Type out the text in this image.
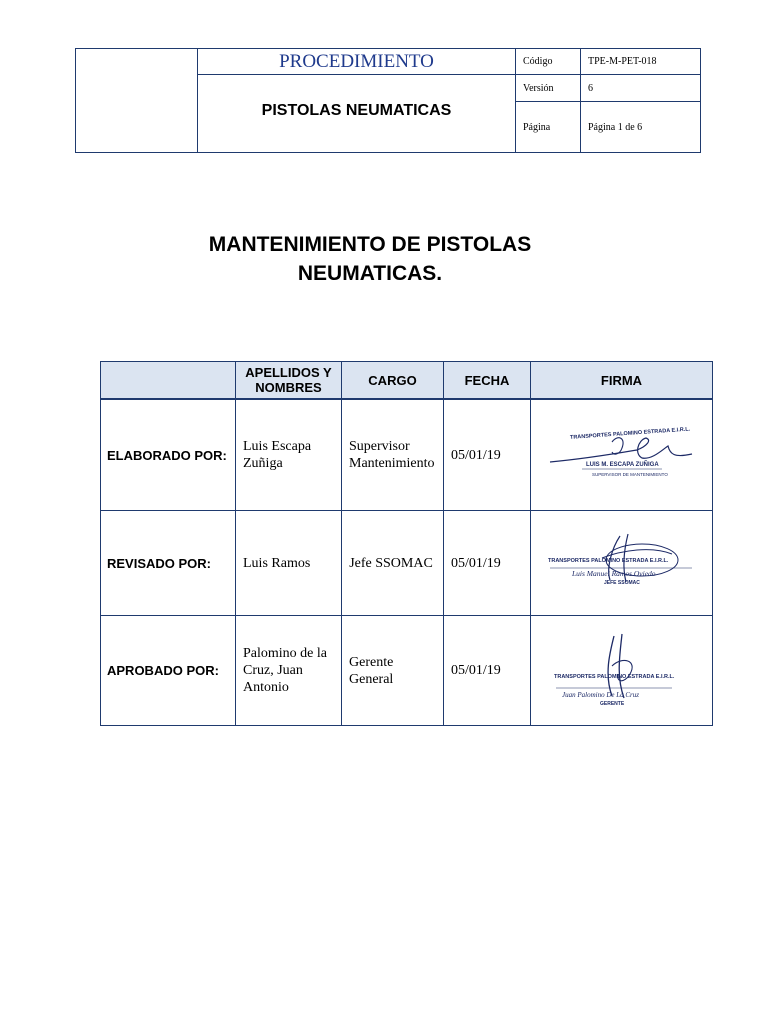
	PROCEDIMIENTO	Código	TPE-M-PET-018
	PISTOLAS NEUMATICAS	Versión	6
		Página	Página 1 de 6
MANTENIMIENTO DE PISTOLAS
NEUMATICAS.
	APELLIDOS Y NOMBRES	CARGO	FECHA	FIRMA
ELABORADO POR:	Luis Escapa Zuñiga	Supervisor Mantenimiento	05/01/19	TRANSPORTES PALOMINO ESTRADA E.I.R.L.
LUIS M. ESCAPA ZUÑIGA
SUPERVISOR DE MANTENIMIENTO

REVISADO POR:	Luis Ramos	Jefe SSOMAC	05/01/19	TRANSPORTES PALOMINO ESTRADA E.I.R.L.
Luis Manuel Ramos Oviedo
JEFE SSOMAC

APROBADO POR:	Palomino de la Cruz, Juan Antonio	Gerente General	05/01/19	TRANSPORTES PALOMINO ESTRADA E.I.R.L.
Juan Palomino De La Cruz
GERENTE
